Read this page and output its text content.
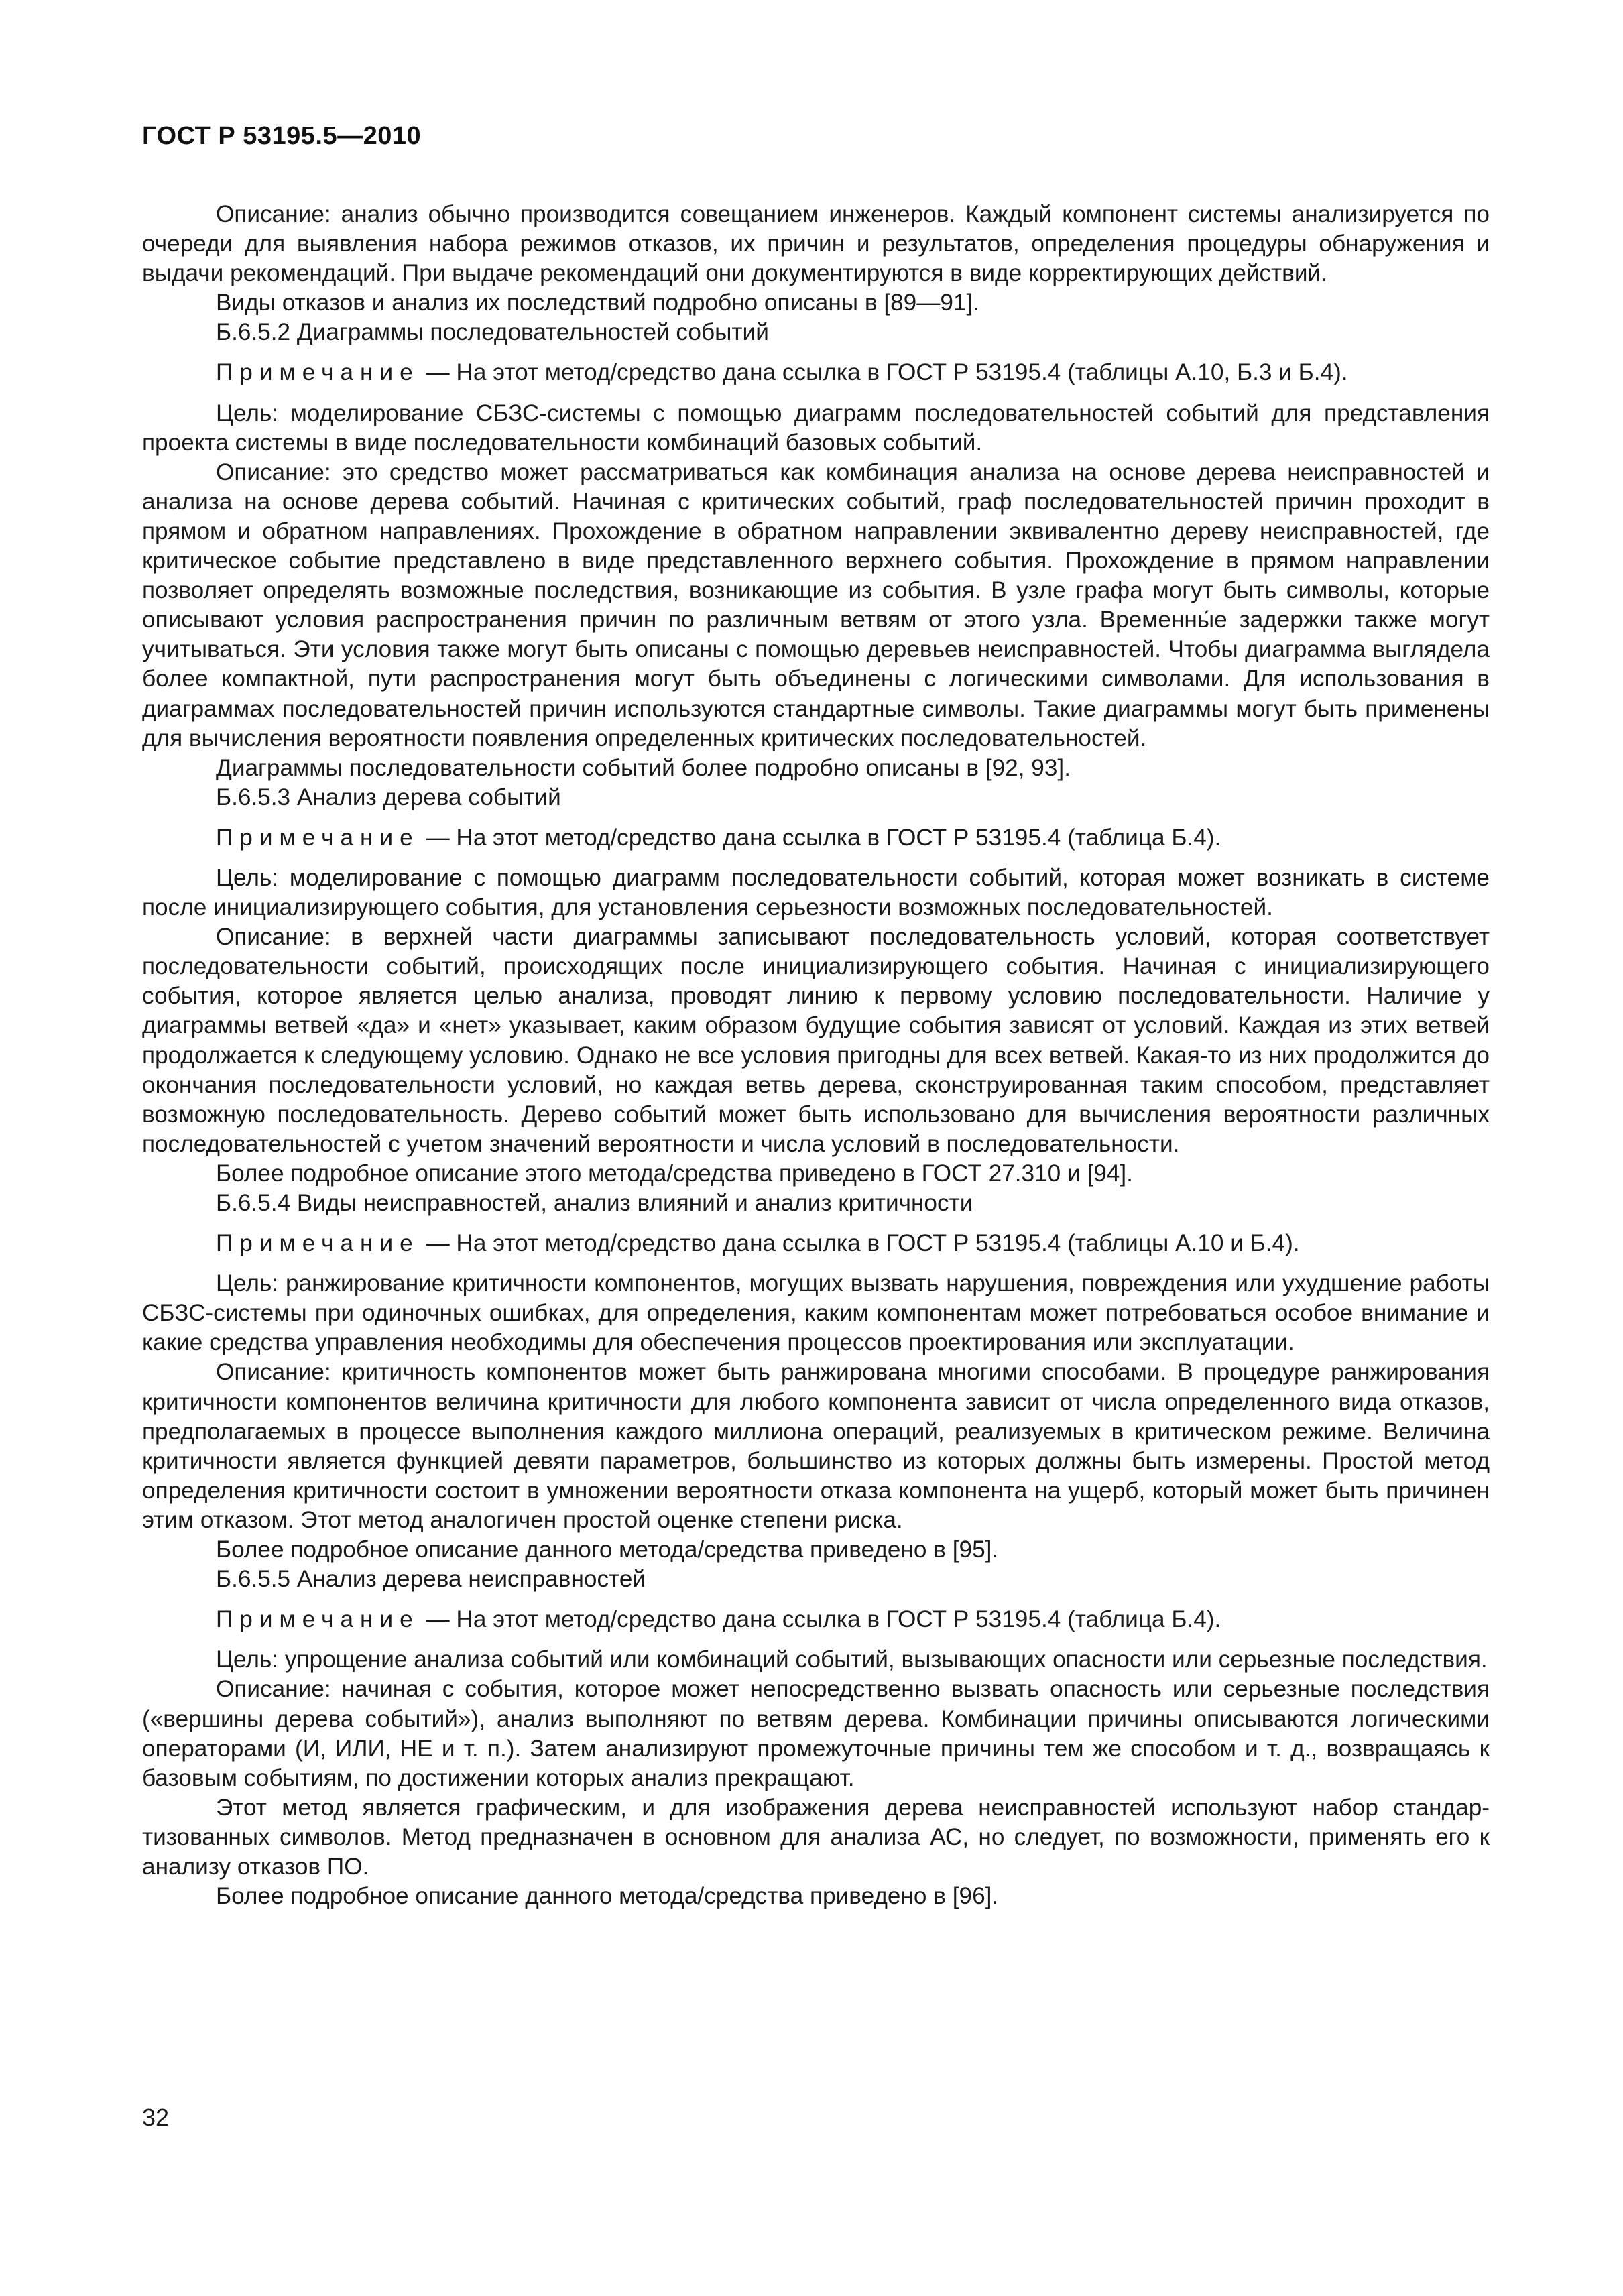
ГОСТ Р 53195.5—2010

Описание: анализ обычно производится совещанием инженеров. Каждый компонент системы анализируется по очереди для выявления набора режимов отказов, их причин и результатов, определения процедуры обнаружения и выдачи рекомендаций. При выдаче рекомендаций они документируются в виде корректирующих действий.

Виды отказов и анализ их последствий подробно описаны в [89—91].

Б.6.5.2 Диаграммы последовательностей событий

Примечание — На этот метод/средство дана ссылка в ГОСТ Р 53195.4 (таблицы А.10, Б.3 и Б.4).

Цель: моделирование СБЗС-системы с помощью диаграмм последовательностей событий для представления проекта системы в виде последовательности комбинаций базовых событий.

Описание: это средство может рассматриваться как комбинация анализа на основе дерева неисправностей и анализа на основе дерева событий. Начиная с критических событий, граф последовательностей причин проходит в прямом и обратном направлениях. Прохождение в обратном направлении эквивалентно дереву неисправностей, где критическое событие представлено в виде представленного верхнего события. Прохождение в прямом направлении позволяет определять возможные последствия, возникающие из события. В узле графа могут быть символы, которые описывают условия распространения причин по различным ветвям от этого узла. Временны́е задержки также могут учитываться. Эти условия также могут быть описаны с помощью деревьев неисправностей. Чтобы диаграмма выглядела более компактной, пути распространения могут быть объединены с логическими символами. Для использования в диаграммах последовательностей причин используются стандартные символы. Такие диаграммы могут быть применены для вычисления вероятности появления определенных критических последовательностей.

Диаграммы последовательности событий более подробно описаны в [92, 93].

Б.6.5.3 Анализ дерева событий

Примечание — На этот метод/средство дана ссылка в ГОСТ Р 53195.4 (таблица Б.4).

Цель: моделирование с помощью диаграмм последовательности событий, которая может возникать в системе после инициализирующего события, для установления серьезности возможных последовательностей.

Описание: в верхней части диаграммы записывают последовательность условий, которая соответствует последовательности событий, происходящих после инициализирующего события. Начиная с инициализирующего события, которое является целью анализа, проводят линию к первому условию последовательности. Наличие у диаграммы ветвей «да» и «нет» указывает, каким образом будущие события зависят от условий. Каждая из этих ветвей продолжается к следующему условию. Однако не все условия пригодны для всех ветвей. Какая-то из них продолжится до окончания последовательности условий, но каждая ветвь дерева, сконструированная таким способом, представляет возможную последовательность. Дерево событий может быть использовано для вычисления вероятности различных последовательностей с учетом значений вероятности и числа условий в последовательности.

Более подробное описание этого метода/средства приведено в ГОСТ 27.310 и [94].

Б.6.5.4 Виды неисправностей, анализ влияний и анализ критичности

Примечание — На этот метод/средство дана ссылка в ГОСТ Р 53195.4 (таблицы А.10 и Б.4).

Цель: ранжирование критичности компонентов, могущих вызвать нарушения, повреждения или ухудшение работы СБЗС-системы при одиночных ошибках, для определения, каким компонентам может потребоваться особое внимание и какие средства управления необходимы для обеспечения процессов проектирования или эксплуатации.

Описание: критичность компонентов может быть ранжирована многими способами. В процедуре ранжирования критичности компонентов величина критичности для любого компонента зависит от числа определенного вида отказов, предполагаемых в процессе выполнения каждого миллиона операций, реализуемых в критическом режиме. Величина критичности является функцией девяти параметров, большинство из которых должны быть измерены. Простой метод определения критичности состоит в умножении вероятности отказа компонента на ущерб, который может быть причинен этим отказом. Этот метод аналогичен простой оценке степени риска.

Более подробное описание данного метода/средства приведено в [95].

Б.6.5.5 Анализ дерева неисправностей

Примечание — На этот метод/средство дана ссылка в ГОСТ Р 53195.4 (таблица Б.4).

Цель: упрощение анализа событий или комбинаций событий, вызывающих опасности или серьезные последствия.

Описание: начиная с события, которое может непосредственно вызвать опасность или серьезные последствия («вершины дерева событий»), анализ выполняют по ветвям дерева. Комбинации причины описываются логическими операторами (И, ИЛИ, НЕ и т. п.). Затем анализируют промежуточные причины тем же способом и т. д., возвращаясь к базовым событиям, по достижении которых анализ прекращают.

Этот метод является графическим, и для изображения дерева неисправностей используют набор стандартизованных символов. Метод предназначен в основном для анализа АС, но следует, по возможности, применять его к анализу отказов ПО.

Более подробное описание данного метода/средства приведено в [96].

32
